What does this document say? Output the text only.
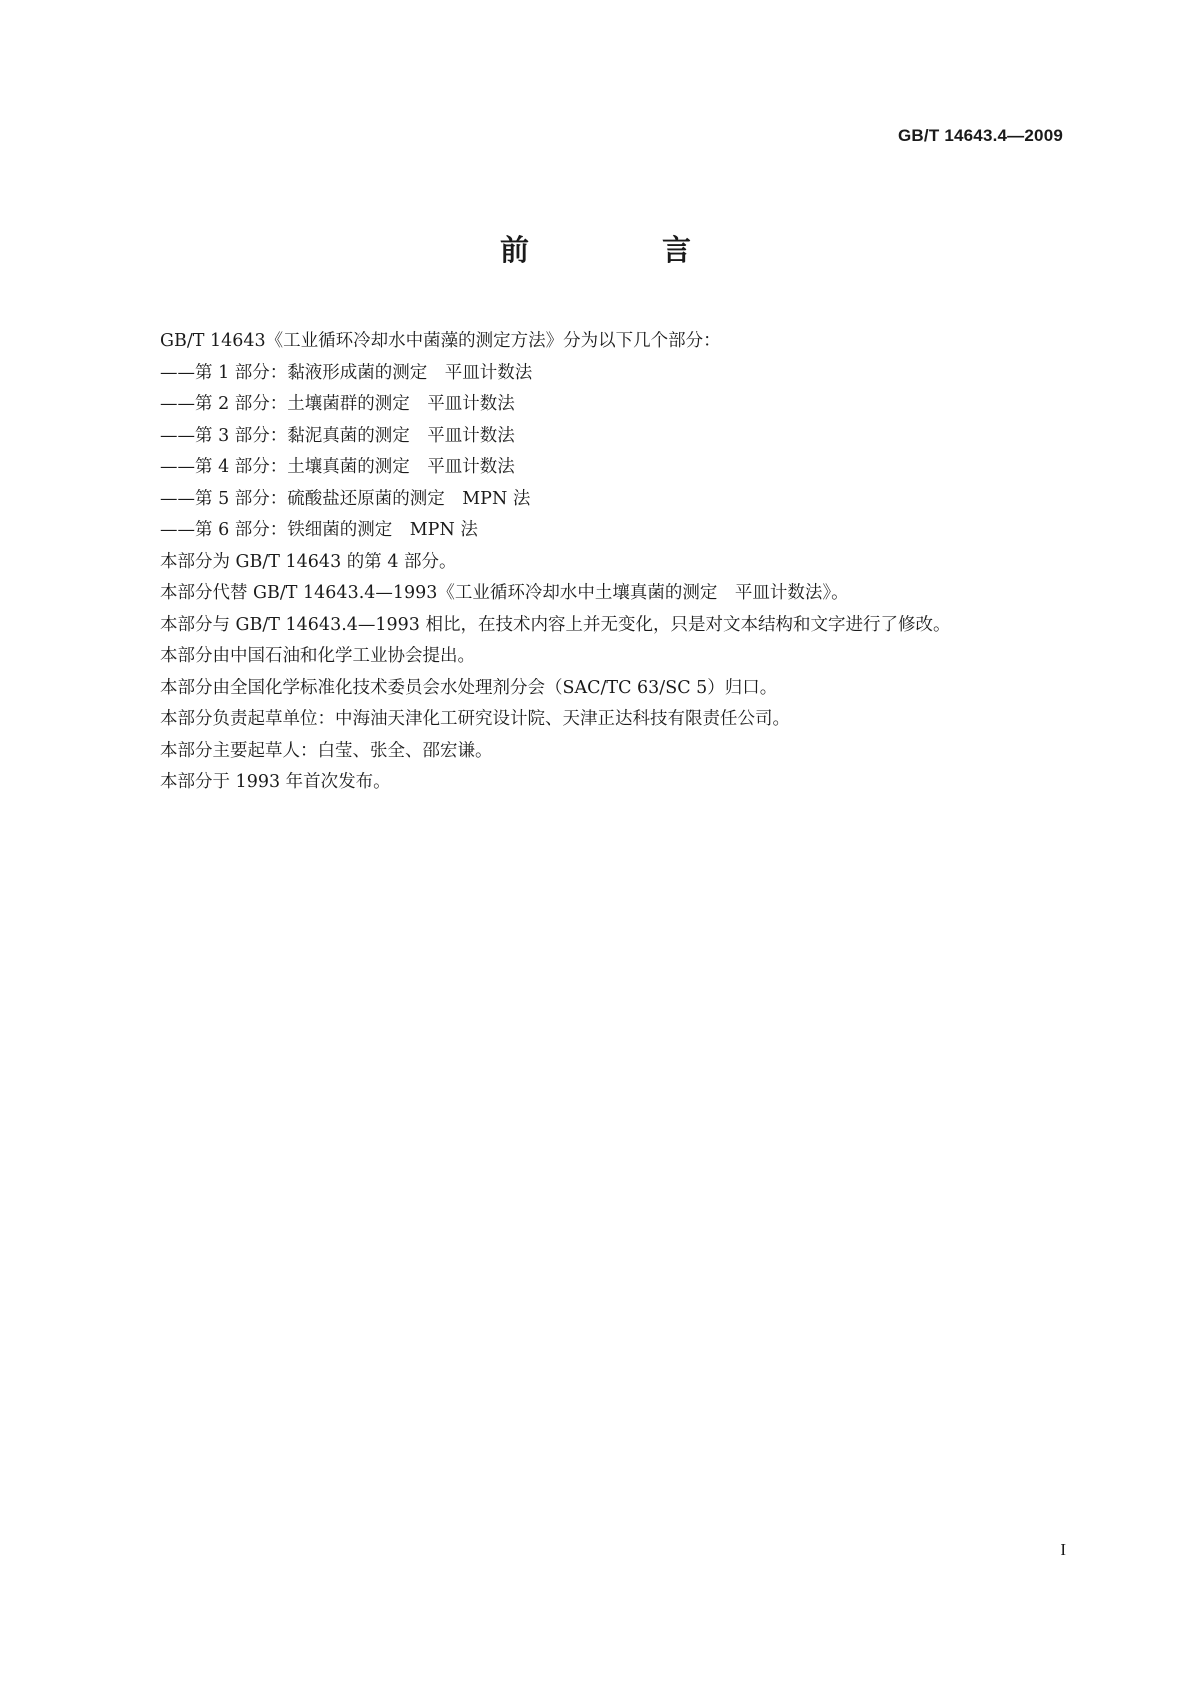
GB/T 14643.4—2009
前　言

GB/T 14643《工业循环冷却水中菌藻的测定方法》分为以下几个部分：

——第 1 部分：黏液形成菌的测定　平皿计数法

——第 2 部分：土壤菌群的测定　平皿计数法

——第 3 部分：黏泥真菌的测定　平皿计数法

——第 4 部分：土壤真菌的测定　平皿计数法

——第 5 部分：硫酸盐还原菌的测定　MPN 法

——第 6 部分：铁细菌的测定　MPN 法

本部分为 GB/T 14643 的第 4 部分。

本部分代替 GB/T 14643.4—1993《工业循环冷却水中土壤真菌的测定　平皿计数法》。

本部分与 GB/T 14643.4—1993 相比，在技术内容上并无变化，只是对文本结构和文字进行了修改。

本部分由中国石油和化学工业协会提出。

本部分由全国化学标准化技术委员会水处理剂分会（SAC/TC 63/SC 5）归口。

本部分负责起草单位：中海油天津化工研究设计院、天津正达科技有限责任公司。

本部分主要起草人：白莹、张全、邵宏谦。

本部分于 1993 年首次发布。

I
